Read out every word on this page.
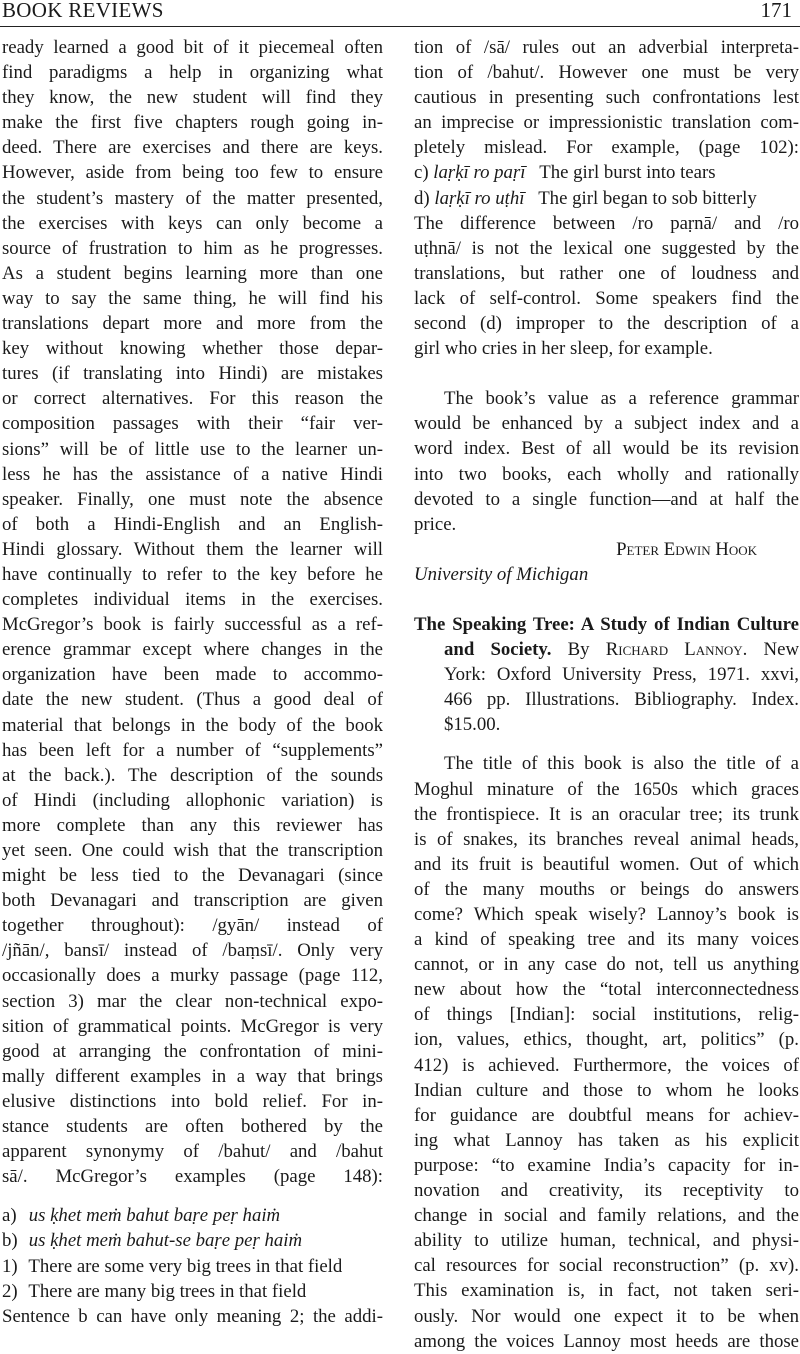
BOOK REVIEWS	171
ready learned a good bit of it piecemeal often
find paradigms a help in organizing what
they know, the new student will find they
make the first five chapters rough going in-
deed. There are exercises and there are keys.
However, aside from being too few to ensure
the student’s mastery of the matter presented,
the exercises with keys can only become a
source of frustration to him as he progresses.
As a student begins learning more than one
way to say the same thing, he will find his
translations depart more and more from the
key without knowing whether those depar-
tures (if translating into Hindi) are mistakes
or correct alternatives. For this reason the
composition passages with their “fair ver-
sions” will be of little use to the learner un-
less he has the assistance of a native Hindi
speaker. Finally, one must note the absence
of both a Hindi-English and an English-
Hindi glossary. Without them the learner will
have continually to refer to the key before he
completes individual items in the exercises.
McGregor’s book is fairly successful as a ref-
erence grammar except where changes in the
organization have been made to accommo-
date the new student. (Thus a good deal of
material that belongs in the body of the book
has been left for a number of “supplements”
at the back.). The description of the sounds
of Hindi (including allophonic variation) is
more complete than any this reviewer has
yet seen. One could wish that the transcription
might be less tied to the Devanagari (since
both Devanagari and transcription are given
together throughout): /gyān/ instead of
/jñān/, bansī/ instead of /baṃsī/. Only very
occasionally does a murky passage (page 112,
section 3) mar the clear non-technical expo-
sition of grammatical points. McGregor is very
good at arranging the confrontation of mini-
mally different examples in a way that brings
elusive distinctions into bold relief. For in-
stance students are often bothered by the
apparent synonymy of /bahut/ and /bahut
sā/. McGregor’s examples (page 148):
a) us ḳhet meṁ bahut baṛe peṛ haiṁ
b) us ḳhet meṁ bahut-se baṛe peṛ haiṁ
1) There are some very big trees in that field
2) There are many big trees in that field
Sentence b can have only meaning 2; the addi-
tion of /sā/ rules out an adverbial interpreta-
tion of /bahut/. However one must be very
cautious in presenting such confrontations lest
an imprecise or impressionistic translation com-
pletely mislead. For example, (page 102):
c) laṛḳī ro paṛī The girl burst into tears
d) laṛḳī ro uṭhī The girl began to sob bitterly
The difference between /ro paṛnā/ and /ro
uṭhnā/ is not the lexical one suggested by the
translations, but rather one of loudness and
lack of self-control. Some speakers find the
second (d) improper to the description of a
girl who cries in her sleep, for example.
The book’s value as a reference grammar
would be enhanced by a subject index and a
word index. Best of all would be its revision
into two books, each wholly and rationally
devoted to a single function—and at half the
price.
Peter Edwin Hook
University of Michigan
The Speaking Tree: A Study of Indian Culture
and Society. By Richard Lannoy. New
York: Oxford University Press, 1971. xxvi,
466 pp. Illustrations. Bibliography. Index.
$15.00.
The title of this book is also the title of a
Moghul minature of the 1650s which graces
the frontispiece. It is an oracular tree; its trunk
is of snakes, its branches reveal animal heads,
and its fruit is beautiful women. Out of which
of the many mouths or beings do answers
come? Which speak wisely? Lannoy’s book is
a kind of speaking tree and its many voices
cannot, or in any case do not, tell us anything
new about how the “total interconnectedness
of things [Indian]: social institutions, relig-
ion, values, ethics, thought, art, politics” (p.
412) is achieved. Furthermore, the voices of
Indian culture and those to whom he looks
for guidance are doubtful means for achiev-
ing what Lannoy has taken as his explicit
purpose: “to examine India’s capacity for in-
novation and creativity, its receptivity to
change in social and family relations, and the
ability to utilize human, technical, and physi-
cal resources for social reconstruction” (p. xv).
This examination is, in fact, not taken seri-
ously. Nor would one expect it to be when
among the voices Lannoy most heeds are those
